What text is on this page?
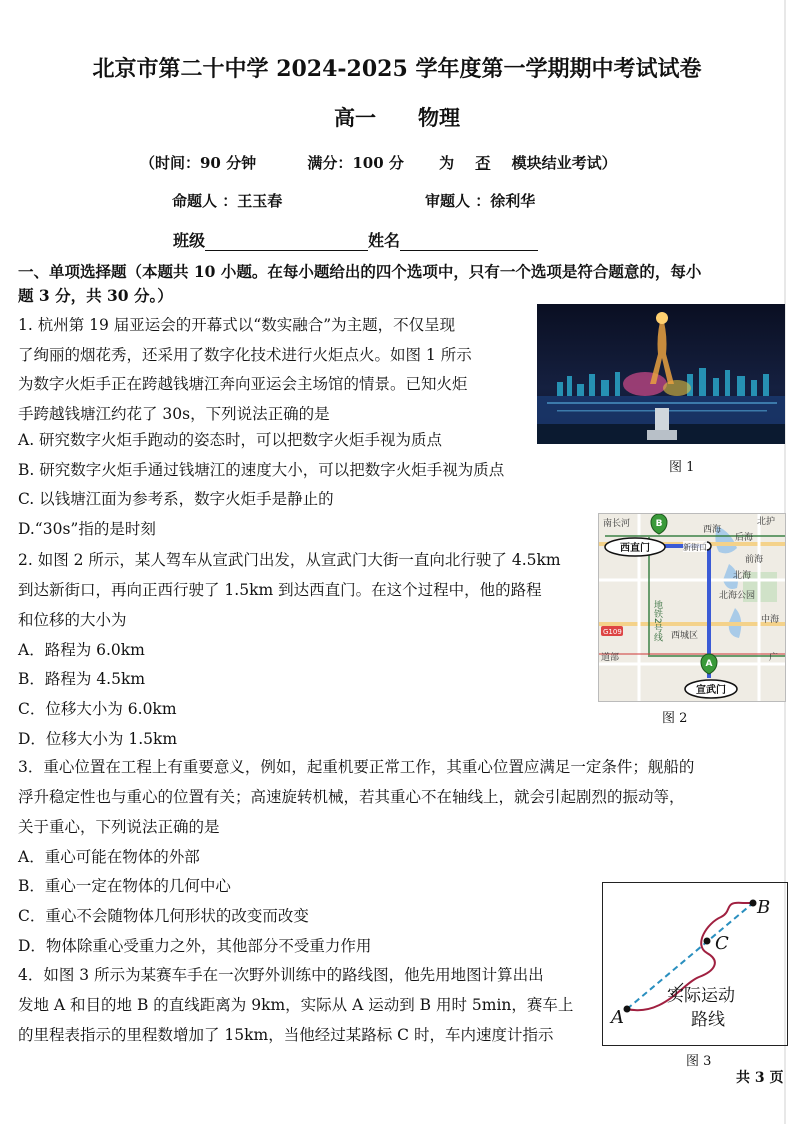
北京市第二十中学 2024-2025 学年度第一学期期中考试试卷
高一　　物理
（时间：90 分钟	满分：100 分 为 否 模块结业考试）
命题人 ：王玉春	审题人 ：徐利华
班级	姓名
一、单项选择题（本题共 10 小题。在每小题给出的四个选项中，只有一个选项是符合题意的，每小
题 3 分，共 30 分。）
1. 杭州第 19 届亚运会的开幕式以“数实融合”为主题，不仅呈现
了绚丽的烟花秀，还采用了数字化技术进行火炬点火。如图 1 所示
为数字火炬手正在跨越钱塘江奔向亚运会主场馆的情景。已知火炬
手跨越钱塘江约花了 30s，下列说法正确的是
A. 研究数字火炬手跑动的姿态时，可以把数字火炬手视为质点
B. 研究数字火炬手通过钱塘江的速度大小，可以把数字火炬手视为质点
C. 以钱塘江面为参考系，数字火炬手是静止的
D.“30s”指的是时刻
图 1
2. 如图 2 所示，某人驾车从宣武门出发，从宣武门大街一直向北行驶了 4.5km
到达新街口，再向正西行驶了 1.5km 到达西直门。在这个过程中，他的路程
和位移的大小为
A．路程为 6.0km
B．路程为 4.5km
C．位移大小为 6.0km
D．位移大小为 1.5km
南长河
西海
北护
后海
前海
北海
北海公园
中海
G109	西城区
道部	广
地铁2号线
西直门	新街口
B
A
宣武门
图 2
3．重心位置在工程上有重要意义，例如，起重机要正常工作，其重心位置应满足一定条件；舰船的
浮升稳定性也与重心的位置有关；高速旋转机械，若其重心不在轴线上，就会引起剧烈的振动等，
关于重心，下列说法正确的是
A．重心可能在物体的外部
B．重心一定在物体的几何中心
C．重心不会随物体几何形状的改变而改变
D．物体除重心受重力之外，其他部分不受重力作用
4．如图 3 所示为某赛车手在一次野外训练中的路线图，他先用地图计算出出
发地 A 和目的地 B 的直线距离为 9km，实际从 A 运动到 B 用时 5min，赛车上
的里程表指示的里程数增加了 15km，当他经过某路标 C 时，车内速度计指示
A
B
C
实际运动
路线
图 3
共 3 页
